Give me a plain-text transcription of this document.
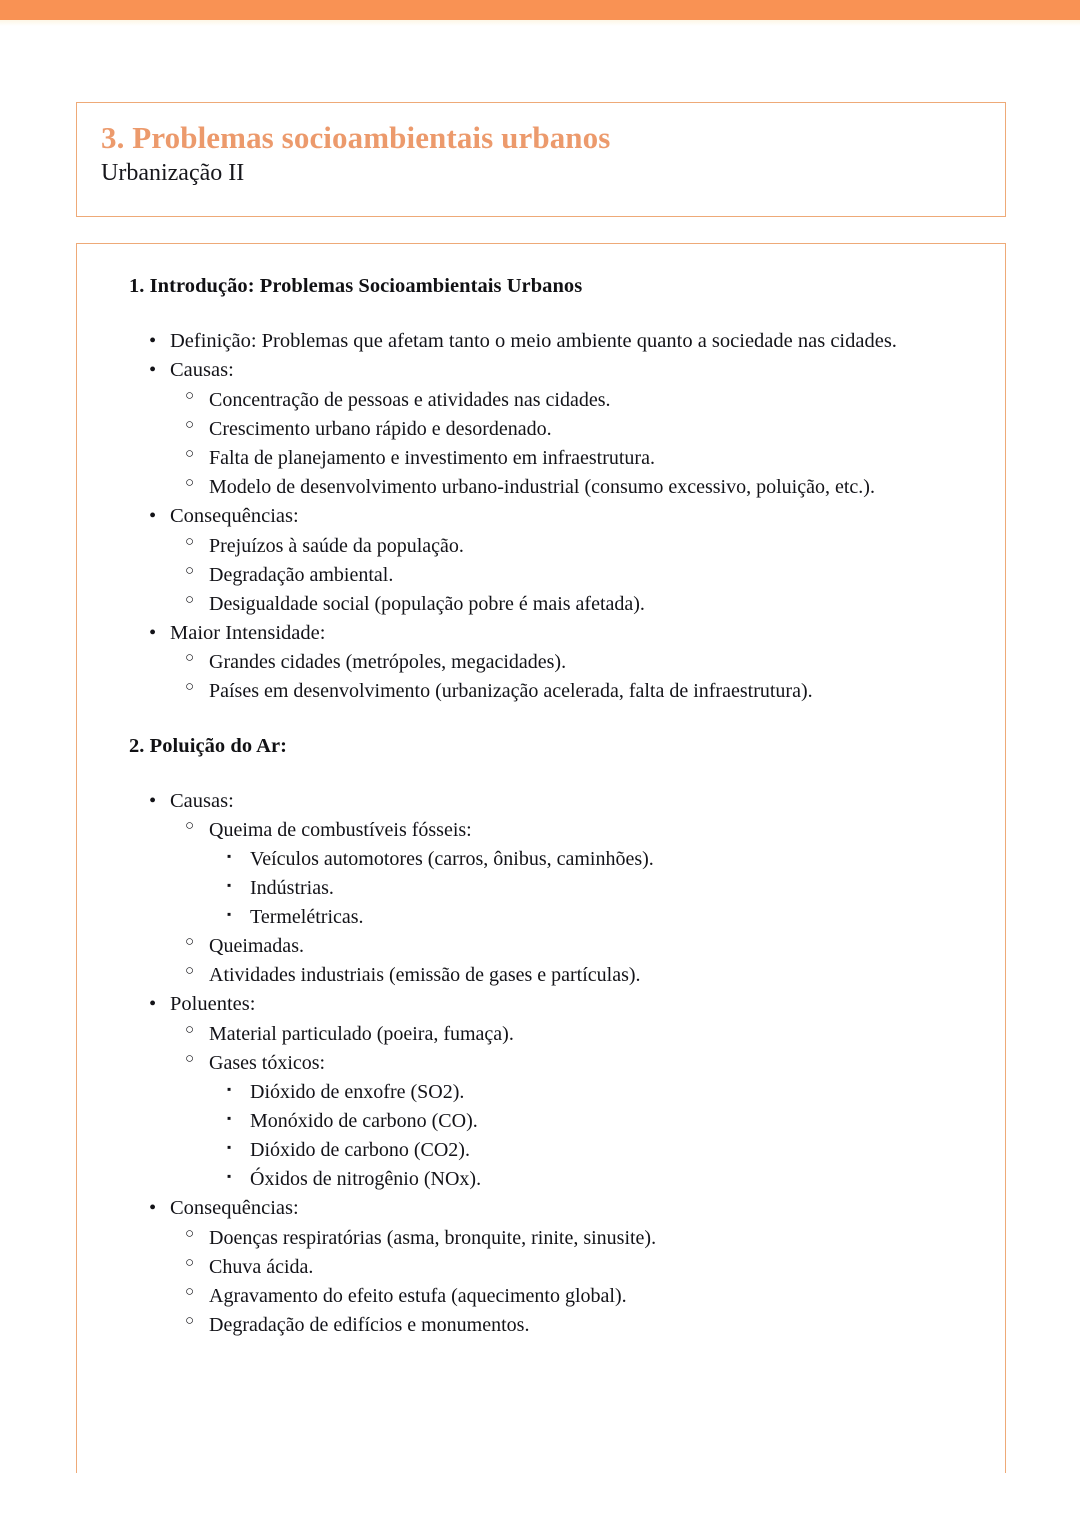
3. Problemas socioambientais urbanos
Urbanização II
1. Introdução: Problemas Socioambientais Urbanos
• Definição: Problemas que afetam tanto o meio ambiente quanto a sociedade nas cidades.
• Causas:
○ Concentração de pessoas e atividades nas cidades.
○ Crescimento urbano rápido e desordenado.
○ Falta de planejamento e investimento em infraestrutura.
○ Modelo de desenvolvimento urbano-industrial (consumo excessivo, poluição, etc.).
• Consequências:
○ Prejuízos à saúde da população.
○ Degradação ambiental.
○ Desigualdade social (população pobre é mais afetada).
• Maior Intensidade:
○ Grandes cidades (metrópoles, megacidades).
○ Países em desenvolvimento (urbanização acelerada, falta de infraestrutura).
2. Poluição do Ar:
• Causas:
○ Queima de combustíveis fósseis:
▪ Veículos automotores (carros, ônibus, caminhões).
▪ Indústrias.
▪ Termelétricas.
○ Queimadas.
○ Atividades industriais (emissão de gases e partículas).
• Poluentes:
○ Material particulado (poeira, fumaça).
○ Gases tóxicos:
▪ Dióxido de enxofre (SO2).
▪ Monóxido de carbono (CO).
▪ Dióxido de carbono (CO2).
▪ Óxidos de nitrogênio (NOx).
• Consequências:
○ Doenças respiratórias (asma, bronquite, rinite, sinusite).
○ Chuva ácida.
○ Agravamento do efeito estufa (aquecimento global).
○ Degradação de edifícios e monumentos.
